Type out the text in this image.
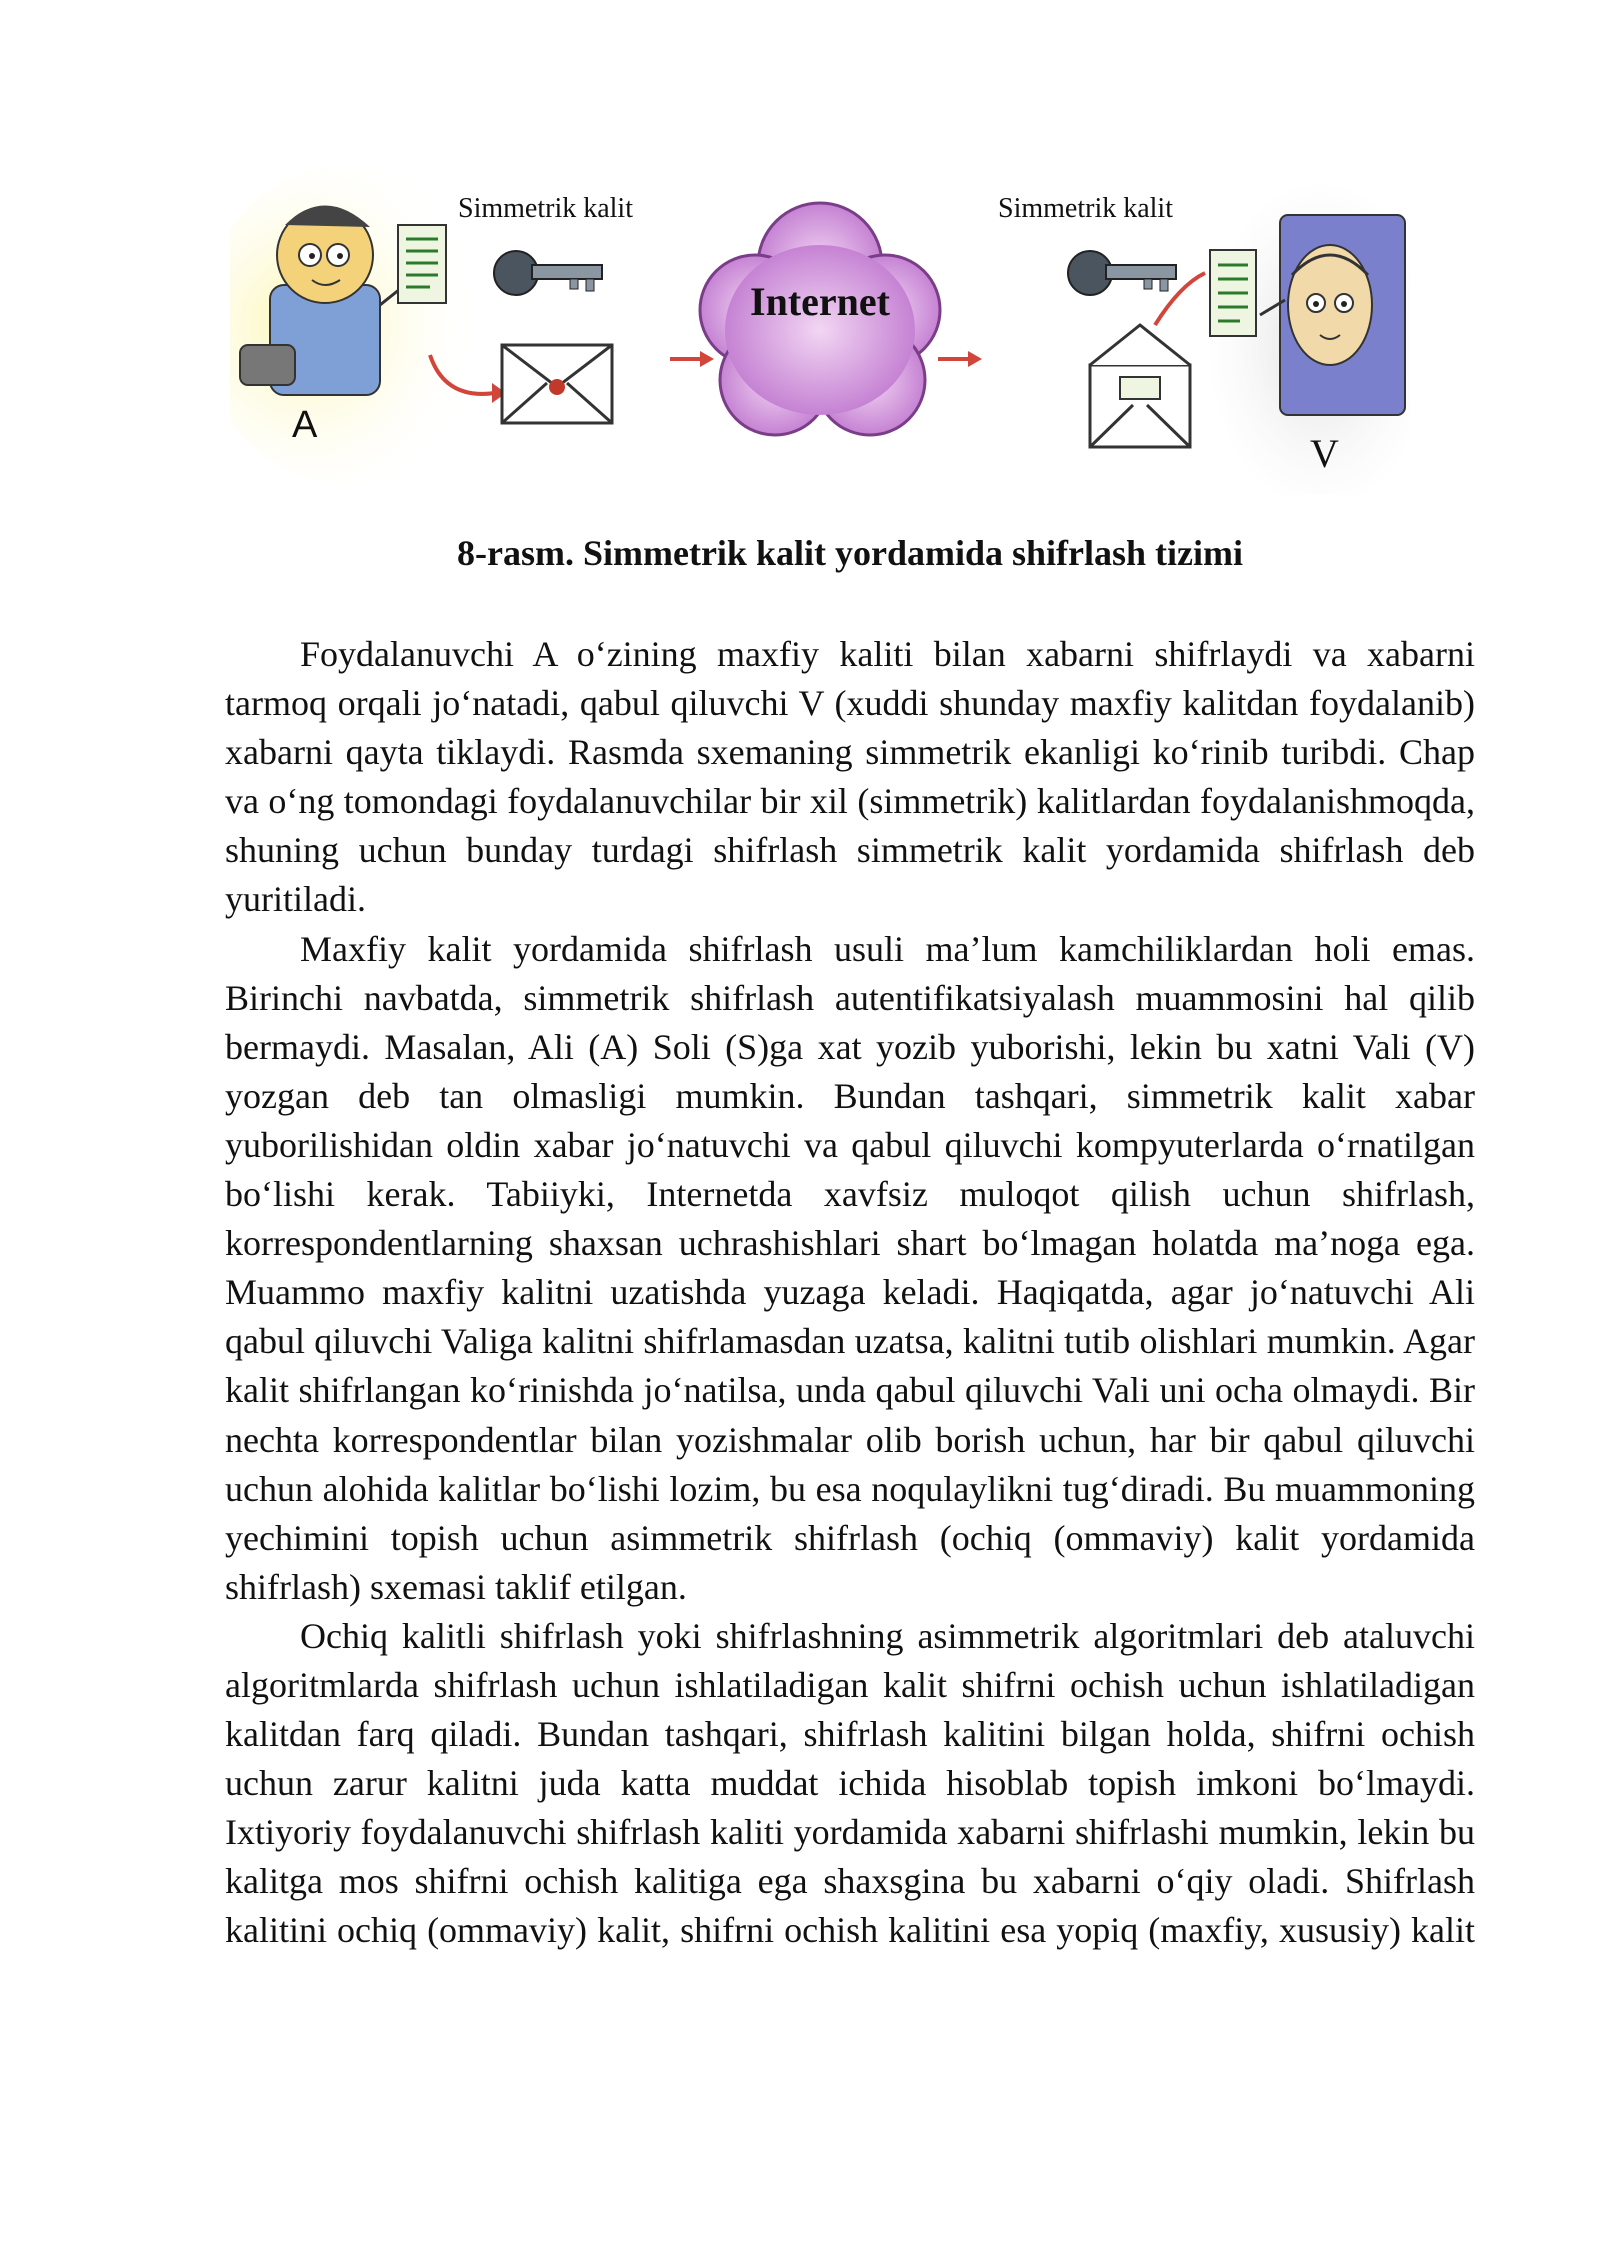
A
Simmetrik kalit
Internet
Simmetrik kalit
V
8-rasm. Simmetrik kalit yordamida shifrlash tizimi

Foydalanuvchi A o‘zining maxfiy kaliti bilan xabarni shifrlaydi va xabarni tarmoq orqali jo‘natadi, qabul qiluvchi V (xuddi shunday maxfiy kalitdan foydalanib) xabarni qayta tiklaydi. Rasmda sxemaning simmetrik ekanligi ko‘rinib turibdi. Chap va o‘ng tomondagi foydalanuvchilar bir xil (simmetrik) kalitlardan foydalanishmoqda, shuning uchun bunday turdagi shifrlash simmetrik kalit yordamida shifrlash deb yuritiladi.

Maxfiy kalit yordamida shifrlash usuli ma’lum kamchiliklardan holi emas. Birinchi navbatda, simmetrik shifrlash autentifikatsiyalash muammosini hal qilib bermaydi. Masalan, Ali (A) Soli (S)ga xat yozib yuborishi, lekin bu xatni Vali (V) yozgan deb tan olmasligi mumkin. Bundan tashqari, simmetrik kalit xabar yuborilishidan oldin xabar jo‘natuvchi va qabul qiluvchi kompyuterlarda o‘rnatilgan bo‘lishi kerak. Tabiiyki, Internetda xavfsiz muloqot qilish uchun shifrlash, korrespondentlarning shaxsan uchrashishlari shart bo‘lmagan holatda ma’noga ega. Muammo maxfiy kalitni uzatishda yuzaga keladi. Haqiqatda, agar jo‘natuvchi Ali qabul qiluvchi Valiga kalitni shifrlamasdan uzatsa, kalitni tutib olishlari mumkin. Agar kalit shifrlangan ko‘rinishda jo‘natilsa, unda qabul qiluvchi Vali uni ocha olmaydi. Bir nechta korrespondentlar bilan yozishmalar olib borish uchun, har bir qabul qiluvchi uchun alohida kalitlar bo‘lishi lozim, bu esa noqulaylikni tug‘diradi. Bu muammoning yechimini topish uchun asimmetrik shifrlash (ochiq (ommaviy) kalit yordamida shifrlash) sxemasi taklif etilgan.

Ochiq kalitli shifrlash yoki shifrlashning asimmetrik algoritmlari deb ataluvchi algoritmlarda shifrlash uchun ishlatiladigan kalit shifrni ochish uchun ishlatiladigan kalitdan farq qiladi. Bundan tashqari, shifrlash kalitini bilgan holda, shifrni ochish uchun zarur kalitni juda katta muddat ichida hisoblab topish imkoni bo‘lmaydi. Ixtiyoriy foydalanuvchi shifrlash kaliti yordamida xabarni shifrlashi mumkin, lekin bu kalitga mos shifrni ochish kalitiga ega shaxsgina bu xabarni o‘qiy oladi. Shifrlash kalitini ochiq (ommaviy) kalit, shifrni ochish kalitini esa yopiq (maxfiy, xususiy) kalit
